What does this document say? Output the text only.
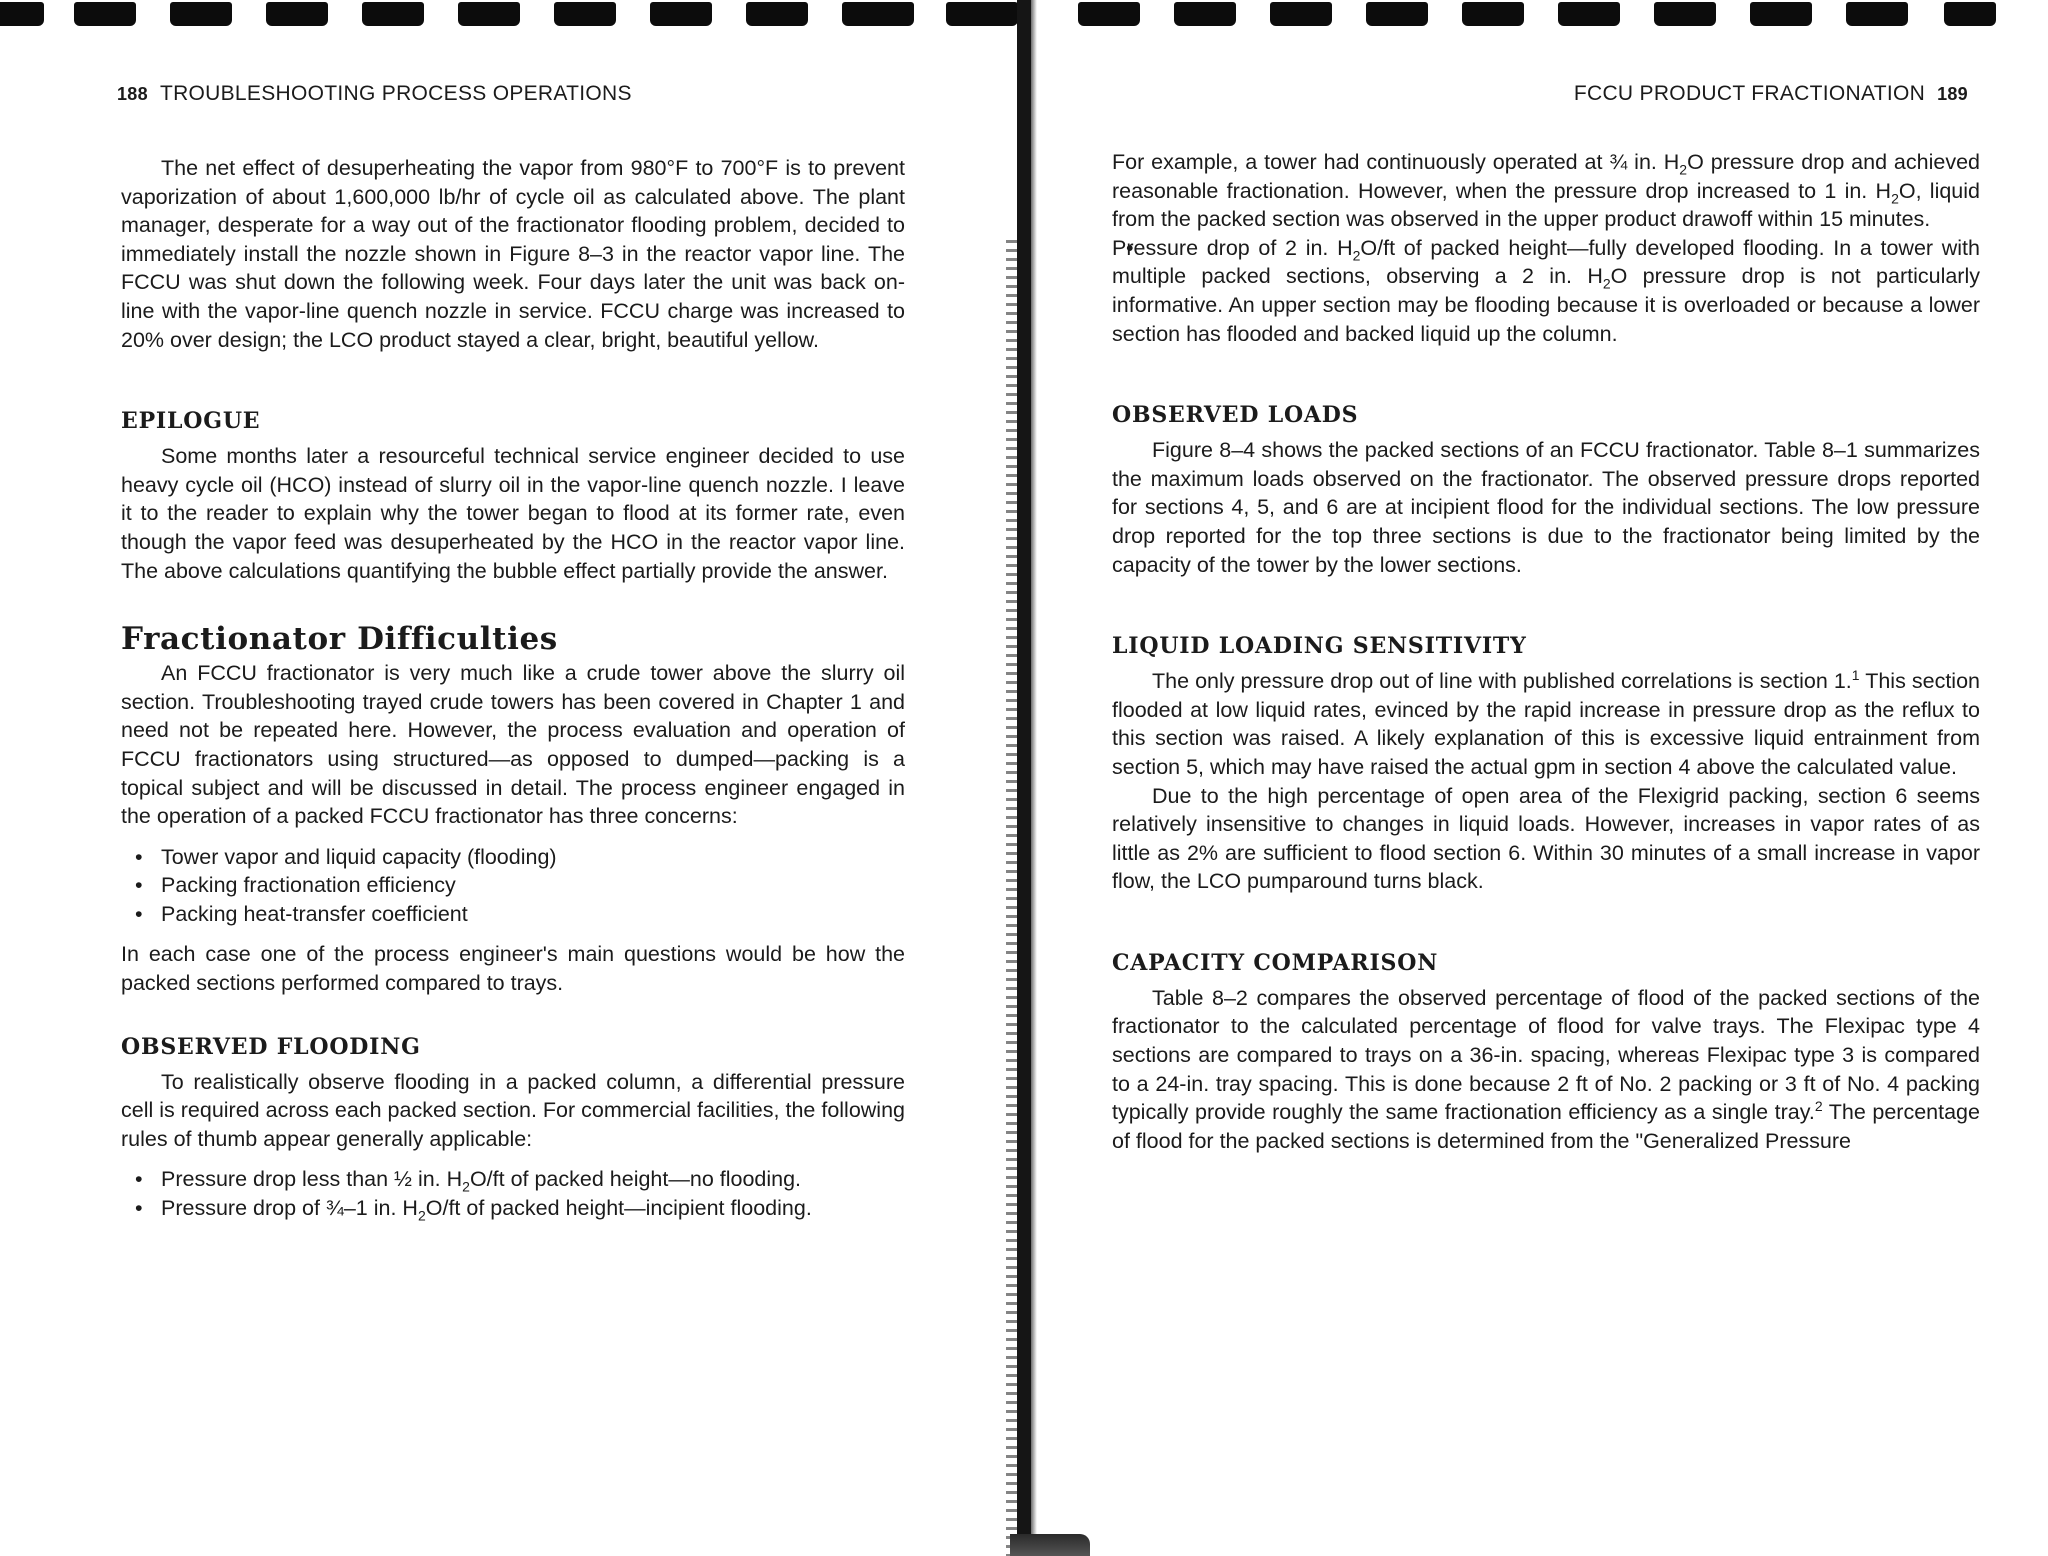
188 TROUBLESHOOTING PROCESS OPERATIONS

The net effect of desuperheating the vapor from 980°F to 700°F is to prevent vaporization of about 1,600,000 lb/hr of cycle oil as calculated above. The plant manager, desperate for a way out of the fractionator flooding problem, decided to immediately install the nozzle shown in Figure 8–3 in the reactor vapor line. The FCCU was shut down the following week. Four days later the unit was back on-line with the vapor-line quench nozzle in service. FCCU charge was increased to 20% over design; the LCO product stayed a clear, bright, beautiful yellow.

EPILOGUE

Some months later a resourceful technical service engineer decided to use heavy cycle oil (HCO) instead of slurry oil in the vapor-line quench nozzle. I leave it to the reader to explain why the tower began to flood at its former rate, even though the vapor feed was desuperheated by the HCO in the reactor vapor line. The above calculations quantifying the bubble effect partially provide the answer.

Fractionator Difficulties

An FCCU fractionator is very much like a crude tower above the slurry oil section. Troubleshooting trayed crude towers has been covered in Chapter 1 and need not be repeated here. However, the process evaluation and operation of FCCU fractionators using structured—as opposed to dumped—packing is a topical subject and will be discussed in detail. The process engineer engaged in the operation of a packed FCCU fractionator has three concerns:

• Tower vapor and liquid capacity (flooding)
• Packing fractionation efficiency
• Packing heat-transfer coefficient

In each case one of the process engineer's main questions would be how the packed sections performed compared to trays.

OBSERVED FLOODING

To realistically observe flooding in a packed column, a differential pressure cell is required across each packed section. For commercial facilities, the following rules of thumb appear generally applicable:

• Pressure drop less than ½ in. $H_2O/ft$ of packed height—no flooding.
• Pressure drop of ¾–1 in. $H_2O/ft$ of packed height—incipient flooding.
FCCU PRODUCT FRACTIONATION 189

For example, a tower had continuously operated at ¾ in. $H_2O$ pressure drop and achieved reasonable fractionation. However, when the pressure drop increased to 1 in. $H_2O$, liquid from the packed section was observed in the upper product drawoff within 15 minutes.

• Pressure drop of 2 in. $H_2O/ft$ of packed height—fully developed flooding. In a tower with multiple packed sections, observing a 2 in. $H_2O$ pressure drop is not particularly informative. An upper section may be flooding because it is overloaded or because a lower section has flooded and backed liquid up the column.

OBSERVED LOADS

Figure 8–4 shows the packed sections of an FCCU fractionator. Table 8–1 summarizes the maximum loads observed on the fractionator. The observed pressure drops reported for sections 4, 5, and 6 are at incipient flood for the individual sections. The low pressure drop reported for the top three sections is due to the fractionator being limited by the capacity of the tower by the lower sections.

LIQUID LOADING SENSITIVITY

The only pressure drop out of line with published correlations is section 1.$^1$ This section flooded at low liquid rates, evinced by the rapid increase in pressure drop as the reflux to this section was raised. A likely explanation of this is excessive liquid entrainment from section 5, which may have raised the actual gpm in section 4 above the calculated value.

Due to the high percentage of open area of the Flexigrid packing, section 6 seems relatively insensitive to changes in liquid loads. However, increases in vapor rates of as little as 2% are sufficient to flood section 6. Within 30 minutes of a small increase in vapor flow, the LCO pumparound turns black.

CAPACITY COMPARISON

Table 8–2 compares the observed percentage of flood of the packed sections of the fractionator to the calculated percentage of flood for valve trays. The Flexipac type 4 sections are compared to trays on a 36-in. spacing, whereas Flexipac type 3 is compared to a 24-in. tray spacing. This is done because 2 ft of No. 2 packing or 3 ft of No. 4 packing typically provide roughly the same fractionation efficiency as a single tray.$^2$ The percentage of flood for the packed sections is determined from the "Generalized Pressure
